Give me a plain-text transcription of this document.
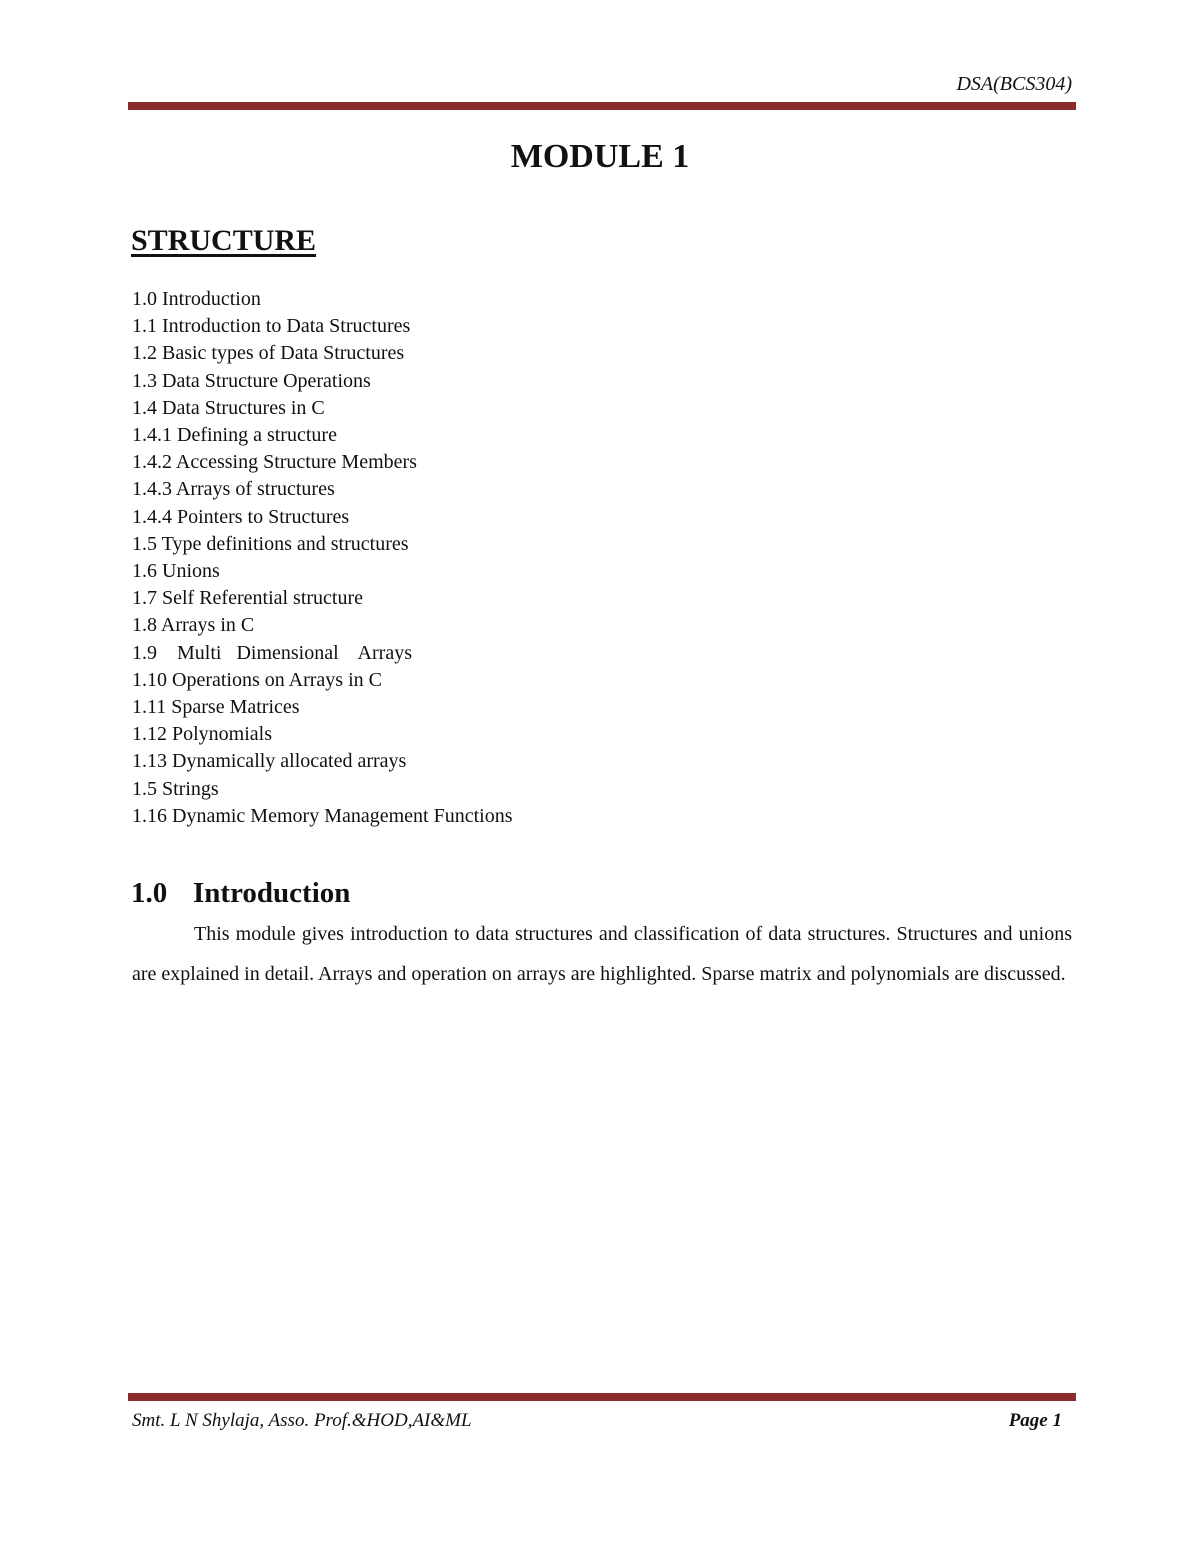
DSA(BCS304)
MODULE 1
STRUCTURE
1.0 Introduction
1.1 Introduction to Data Structures
1.2 Basic types of Data Structures
1.3 Data Structure Operations
1.4 Data Structures in C
1.4.1 Defining a structure
1.4.2 Accessing Structure Members
1.4.3 Arrays of structures
1.4.4 Pointers to Structures
1.5 Type definitions and structures
1.6 Unions
1.7 Self Referential structure
1.8 Arrays in C
1.9    Multi   Dimensional    Arrays
1.10 Operations on Arrays in C
1.11 Sparse Matrices
1.12 Polynomials
1.13 Dynamically allocated arrays
1.5 Strings
1.16 Dynamic Memory Management Functions
1.0 Introduction

This module gives introduction to data structures and classification of data structures. Structures and unions are explained in detail. Arrays and operation on arrays are highlighted. Sparse matrix and polynomials are discussed.

Smt. L N Shylaja, Asso. Prof.&HOD,AI&ML	Page 1
